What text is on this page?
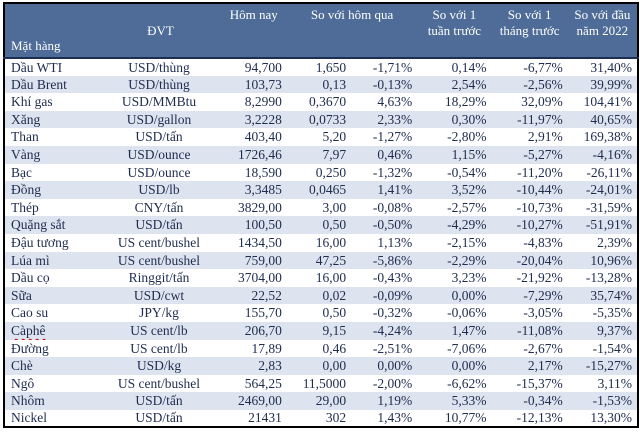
Mặt hàng	ĐVT	Hôm nay	So với hôm qua		So với 1 tuần trước	So với 1 tháng trước	So với đầu năm 2022
Dầu WTI	USD/thùng	94,700	1,650	-1,71%	0,14%	-6,77%	31,40%
Dầu Brent	USD/thùng	103,73	0,13	-0,13%	2,54%	-2,56%	39,99%
Khí gas	USD/MMBtu	8,2990	0,3670	4,63%	18,29%	32,09%	104,41%
Xăng	USD/gallon	3,2228	0,0733	2,33%	0,30%	-11,97%	40,65%
Than	USD/tấn	403,40	5,20	-1,27%	-2,80%	2,91%	169,38%
Vàng	USD/ounce	1726,46	7,97	0,46%	1,15%	-5,27%	-4,16%
Bạc	USD/ounce	18,590	0,250	-1,32%	-0,54%	-11,20%	-26,11%
Đồng	USD/lb	3,3485	0,0465	1,41%	3,52%	-10,44%	-24,01%
Thép	CNY/tấn	3829,00	3,00	-0,08%	-2,57%	-10,73%	-31,59%
Quặng sắt	USD/tấn	100,50	0,50	-0,50%	-4,29%	-10,27%	-51,91%
Đậu tương	US cent/bushel	1434,50	16,00	1,13%	-2,15%	-4,83%	2,39%
Lúa mì	US cent/bushel	759,00	47,25	-5,86%	-2,29%	-20,04%	10,96%
Dầu cọ	Ringgit/tấn	3704,00	16,00	-0,43%	3,23%	-21,92%	-13,28%
Sữa	USD/cwt	22,52	0,02	-0,09%	0,00%	-7,29%	35,74%
Cao su	JPY/kg	155,70	0,50	-0,32%	-0,06%	-3,05%	-5,35%
Càphê	US cent/lb	206,70	9,15	-4,24%	1,47%	-11,08%	9,37%
Đường	US cent/lb	17,89	0,46	-2,51%	-7,06%	-2,67%	-1,54%
Chè	USD/kg	2,83	0,00	0,00%	0,00%	2,17%	-15,27%
Ngô	US cent/bushel	564,25	11,5000	-2,00%	-6,62%	-15,37%	3,11%
Nhôm	USD/tấn	2469,00	29,00	1,19%	5,33%	-0,34%	-1,53%
Nickel	USD/tấn	21431	302	1,43%	10,77%	-12,13%	13,30%
